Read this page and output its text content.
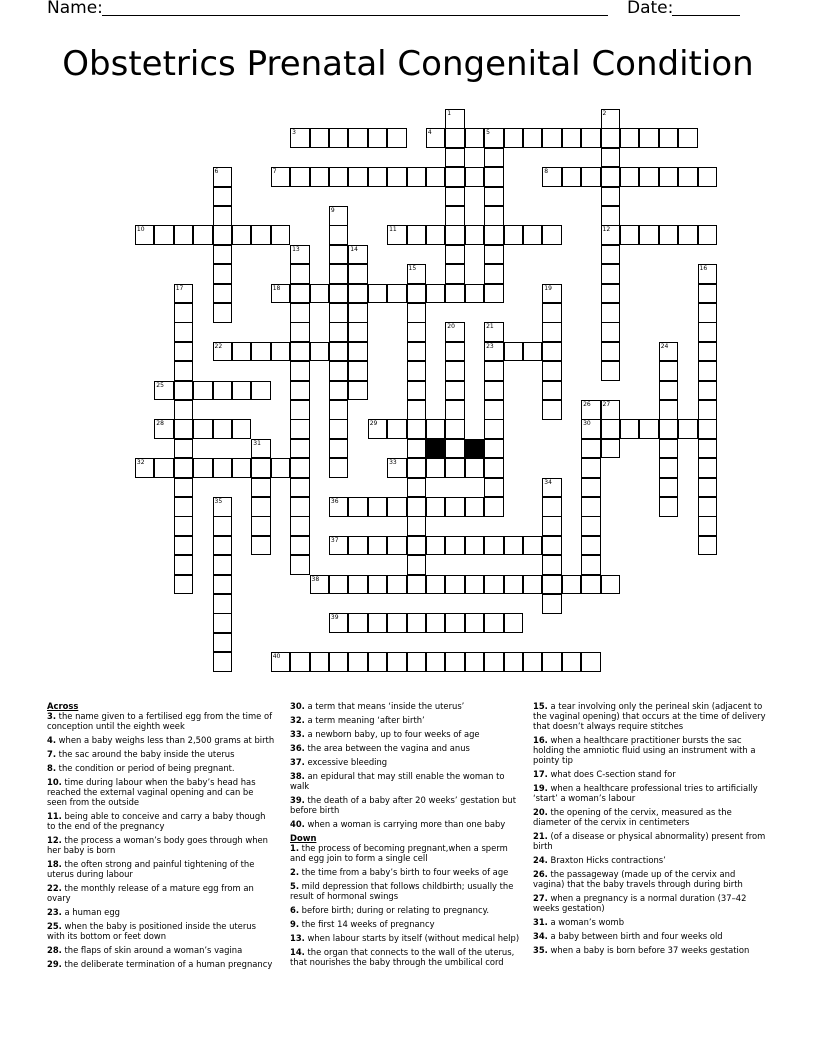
Name:	Date:
Obstetrics Prenatal Congenital Condition
1	2
3	4	5
6	7	8
9
10	11	12
13	14
15	16
17	18	19
20	21
22	23	24
25
26 27
28	29	30
31
32	33
34
35	36
37
38
39
40
Across
3. the name given to a fertilised egg from the time of conception until the eighth week
4. when a baby weighs less than 2,500 grams at birth
7. the sac around the baby inside the uterus
8. the condition or period of being pregnant.
10. time during labour when the baby’s head has reached the external vaginal opening and can be seen from the outside
11. being able to conceive and carry a baby though to the end of the pregnancy
12. the process a woman’s body goes through when her baby is born
18. the often strong and painful tightening of the uterus during labour
22. the monthly release of a mature egg from an ovary
23. a human egg
25. when the baby is positioned inside the uterus with its bottom or feet down
28. the flaps of skin around a woman’s vagina
29. the deliberate termination of a human pregnancy
30. a term that means ‘inside the uterus’
32. a term meaning ‘after birth’
33. a newborn baby, up to four weeks of age
36. the area between the vagina and anus
37. excessive bleeding
38. an epidural that may still enable the woman to walk
39. the death of a baby after 20 weeks’ gestation but before birth
40. when a woman is carrying more than one baby
Down
1. the process of becoming pregnant,when a sperm and egg join to form a single cell
2. the time from a baby’s birth to four weeks of age
5. mild depression that follows childbirth; usually the result of hormonal swings
6. before birth; during or relating to pregnancy.
9. the first 14 weeks of pregnancy
13. when labour starts by itself (without medical help)
14. the organ that connects to the wall of the uterus, that nourishes the baby through the umbilical cord
15. a tear involving only the perineal skin (adjacent to the vaginal opening) that occurs at the time of delivery that doesn’t always require stitches
16. when a healthcare practitioner bursts the sac holding the amniotic fluid using an instrument with a pointy tip
17. what does C-section stand for
19. when a healthcare professional tries to artificially ‘start’ a woman’s labour
20. the opening of the cervix, measured as the diameter of the cervix in centimeters
21. (of a disease or physical abnormality) present from birth
24. Braxton Hicks contractions’
26. the passageway (made up of the cervix and vagina) that the baby travels through during birth
27. when a pregnancy is a normal duration (37–42 weeks gestation)
31. a woman’s womb
34. a baby between birth and four weeks old
35. when a baby is born before 37 weeks gestation
